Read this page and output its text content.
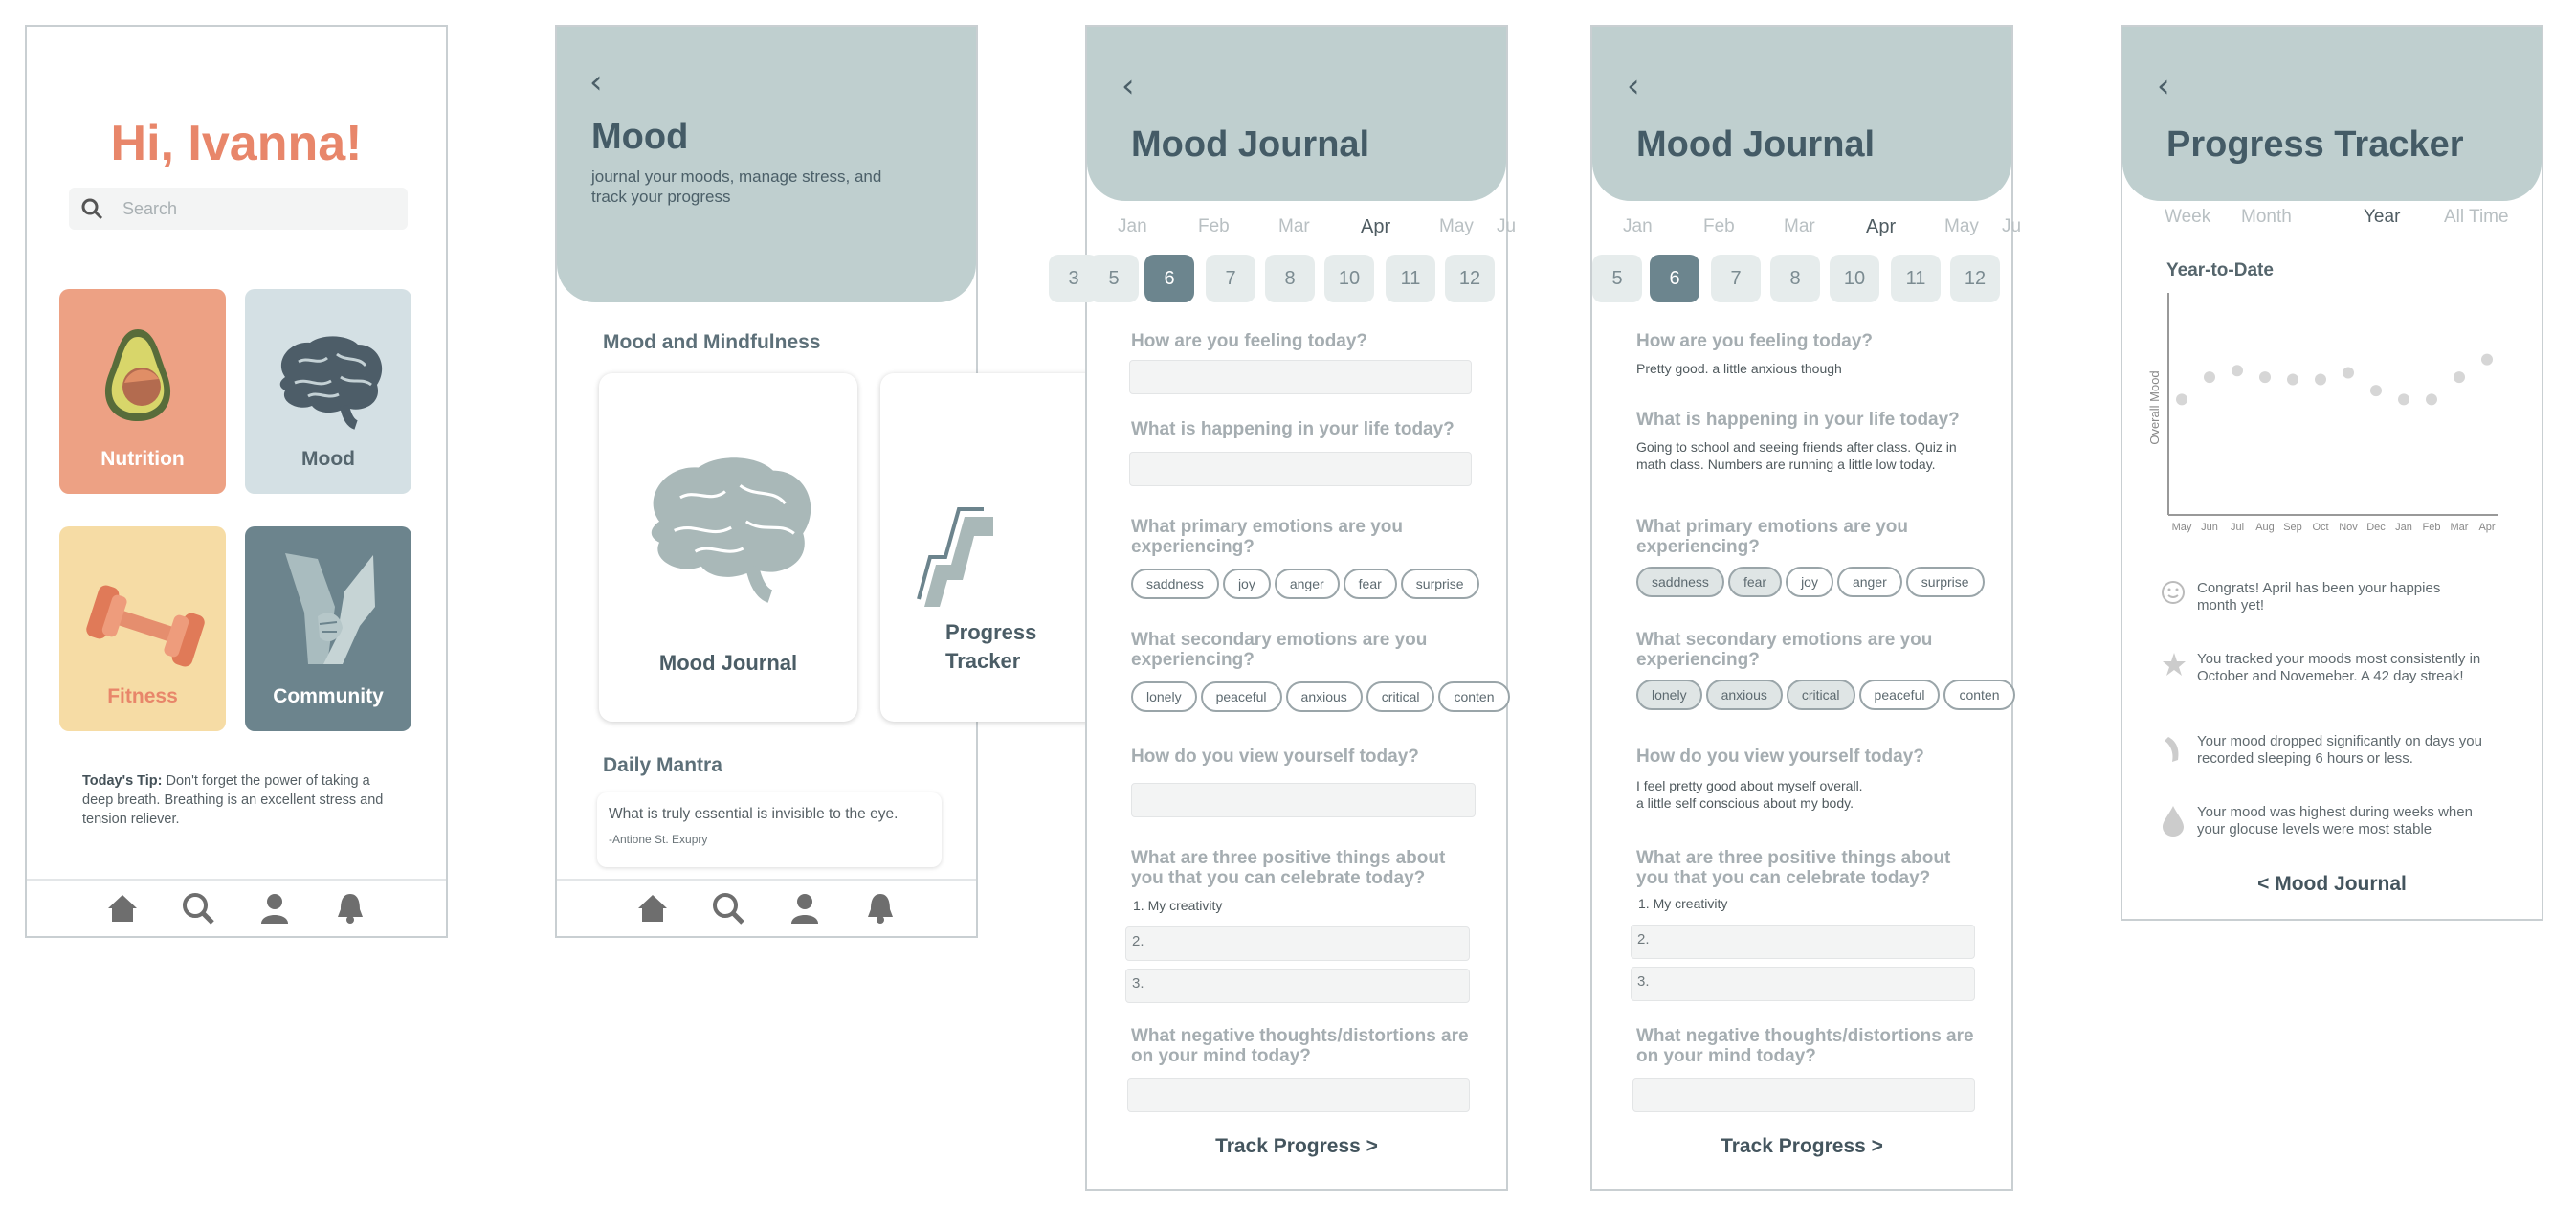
Hi, Ivanna!
Search
Nutrition	Mood
Fitness	Community
Today's Tip: Don't forget the power of taking a deep breath. Breathing is an excellent stress and tension reliever.
‹
Mood
journal your moods, manage stress, and track your progress
Mood and Mindfulness
Mood Journal
Progress Tracker
Daily Mantra
What is truly essential is invisible to the eye.
-Antione St. Exupry
‹
Mood Journal
Jan	Feb	Mar	Apr	May Ju
3	5	6	7	8	10	11	12
How are you feeling today?
What is happening in your life today?
What primary emotions are you experiencing?
saddness	joy	anger	fear	surprise
What secondary emotions are you experiencing?
lonely	peaceful	anxious	critical	conten
How do you view yourself today?
What are three positive things about you that you can celebrate today?
1. My creativity
2.
3.
What negative thoughts/distortions are on your mind today?
Track Progress >
‹
Mood Journal
Jan	Feb	Mar	Apr	May Ju
5	6	7	8	10	11	12
How are you feeling today?
Pretty good. a little anxious though
What is happening in your life today?
Going to school and seeing friends after class. Quiz in math class. Numbers are running a little low today.
What primary emotions are you experiencing?
saddness	fear	joy	anger	surprise
What secondary emotions are you experiencing?
lonely	anxious	critical	peaceful	conten
How do you view yourself today?
I feel pretty good about myself overall.
a little self conscious about my body.
What are three positive things about you that you can celebrate today?
1. My creativity
2.
3.
What negative thoughts/distortions are on your mind today?
Track Progress >
‹
Progress Tracker
Week Month	Year All Time
Year-to-Date
Overall Mood
May Jun Jul Aug Sep Oct Nov Dec Jan Feb Mar Apr
Congrats! April has been your happies month yet!
You tracked your moods most consistently in October and Novemeber. A 42 day streak!
Your mood dropped significantly on days you recorded sleeping 6 hours or less.
Your mood was highest during weeks when your glocuse levels were most stable
< Mood Journal
